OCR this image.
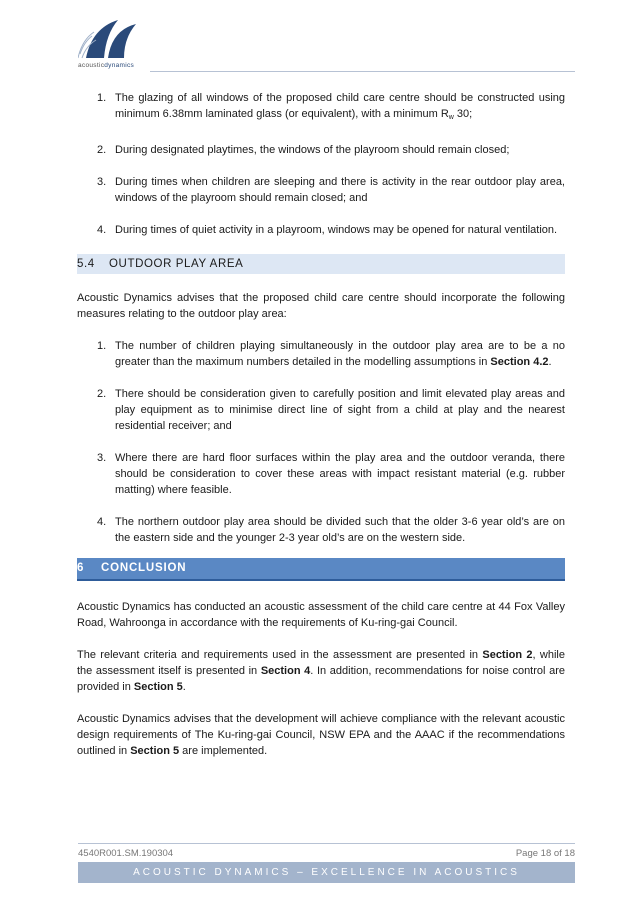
acousticdynamics
1. The glazing of all windows of the proposed child care centre should be constructed using minimum 6.38mm laminated glass (or equivalent), with a minimum Rw 30;
2. During designated playtimes, the windows of the playroom should remain closed;
3. During times when children are sleeping and there is activity in the rear outdoor play area, windows of the playroom should remain closed; and
4. During times of quiet activity in a playroom, windows may be opened for natural ventilation.
5.4 OUTDOOR PLAY AREA

Acoustic Dynamics advises that the proposed child care centre should incorporate the following measures relating to the outdoor play area:

1. The number of children playing simultaneously in the outdoor play area are to be a no greater than the maximum numbers detailed in the modelling assumptions in Section 4.2.
2. There should be consideration given to carefully position and limit elevated play areas and play equipment as to minimise direct line of sight from a child at play and the nearest residential receiver; and
3. Where there are hard floor surfaces within the play area and the outdoor veranda, there should be consideration to cover these areas with impact resistant material (e.g. rubber matting) where feasible.
4. The northern outdoor play area should be divided such that the older 3-6 year old’s are on the eastern side and the younger 2-3 year old’s are on the western side.
6 CONCLUSION

Acoustic Dynamics has conducted an acoustic assessment of the child care centre at 44 Fox Valley Road, Wahroonga in accordance with the requirements of Ku-ring-gai Council.

The relevant criteria and requirements used in the assessment are presented in Section 2, while the assessment itself is presented in Section 4. In addition, recommendations for noise control are provided in Section 5.

Acoustic Dynamics advises that the development will achieve compliance with the relevant acoustic design requirements of The Ku-ring-gai Council, NSW EPA and the AAAC if the recommendations outlined in Section 5 are implemented.

4540R001.SM.190304	Page 18 of 18
ACOUSTIC DYNAMICS – EXCELLENCE IN ACOUSTICS
